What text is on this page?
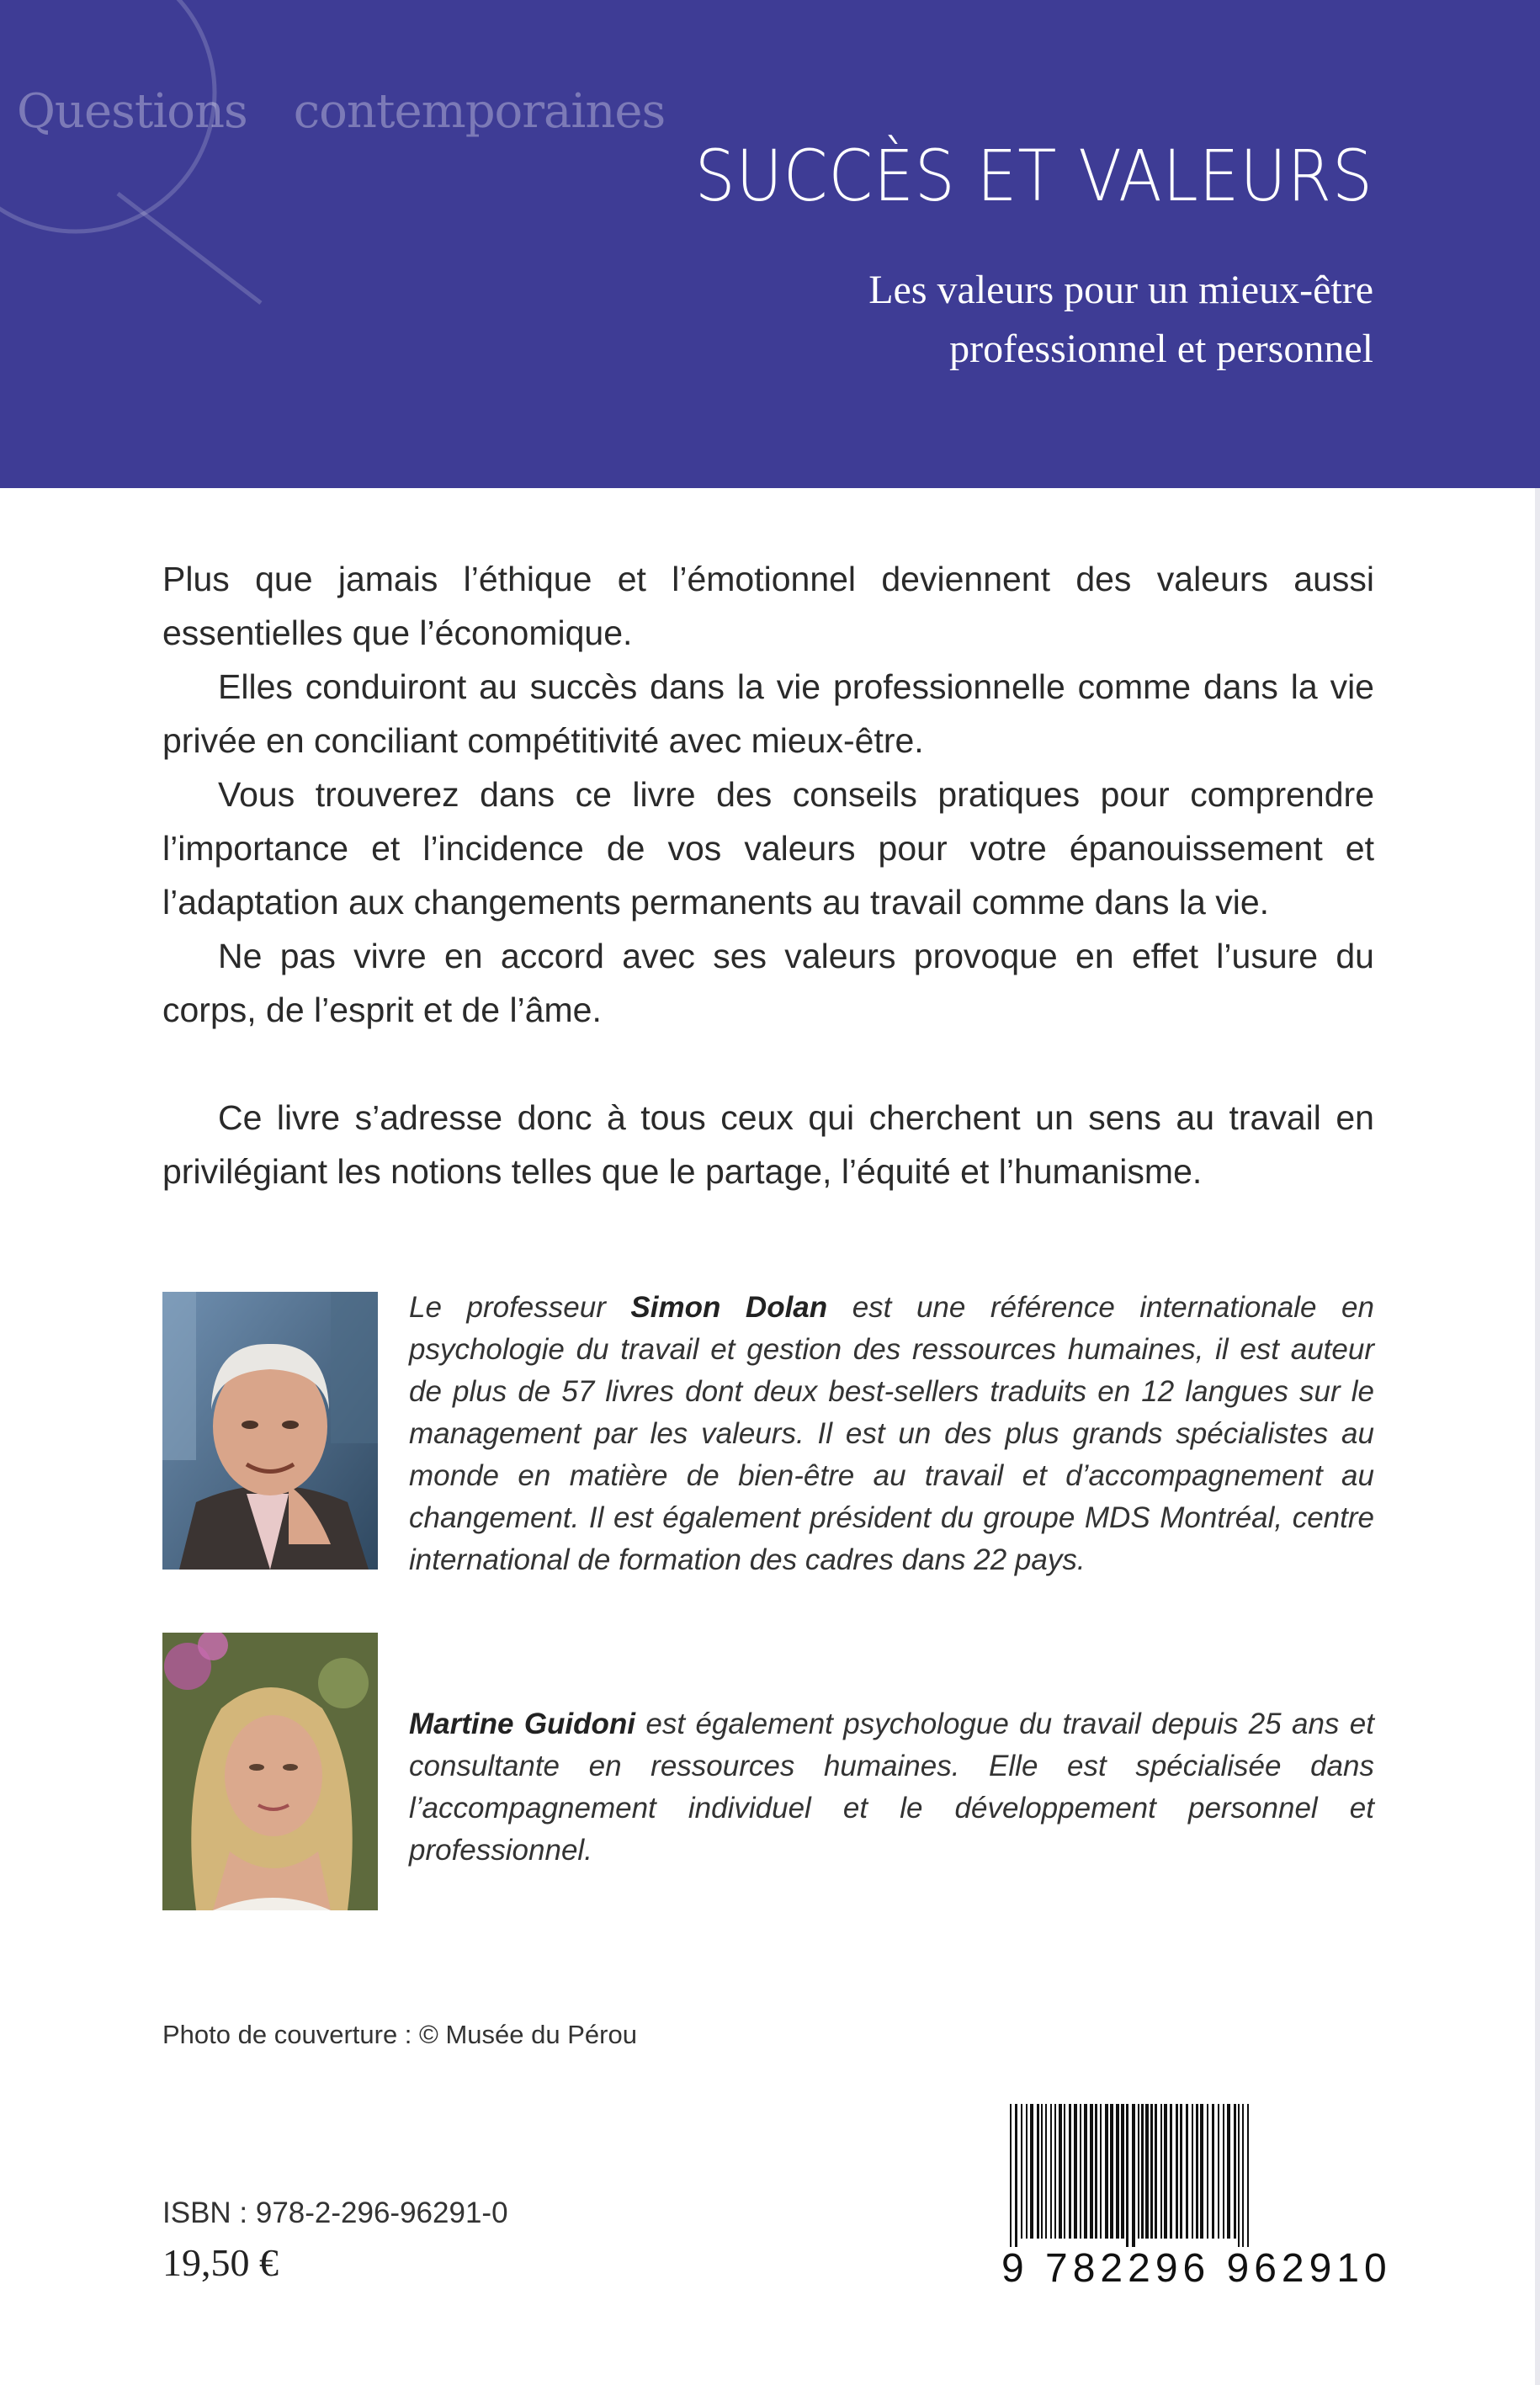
Questions contemporaines
SUCCÈS ET VALEURS
Les valeurs pour un mieux-être
professionnel et personnel

Plus que jamais l’éthique et l’émotionnel deviennent des valeurs aussi essentielles que l’économique.

Elles conduiront au succès dans la vie professionnelle comme dans la vie privée en conciliant compétitivité avec mieux-être.

Vous trouverez dans ce livre des conseils pratiques pour comprendre l’importance et l’incidence de vos valeurs pour votre épanouissement et l’adaptation aux changements permanents au travail comme dans la vie.

Ne pas vivre en accord avec ses valeurs provoque en effet l’usure du corps, de l’esprit et de l’âme.

Ce livre s’adresse donc à tous ceux qui cherchent un sens au travail en privilégiant les notions telles que le partage, l’équité et l’humanisme.

Le professeur Simon Dolan est une référence internationale en psychologie du travail et gestion des ressources humaines, il est auteur de plus de 57 livres dont deux best-sellers traduits en 12 langues sur le management par les valeurs. Il est un des plus grands spécialistes au monde en matière de bien-être au travail et d’accompagnement au changement. Il est également président du groupe MDS Montréal, centre international de formation des cadres dans 22 pays.

Martine Guidoni est également psychologue du travail depuis 25 ans et consultante en ressources humaines. Elle est spécialisée dans l’accompagnement individuel et le développement personnel et professionnel.

Photo de couverture : © Musée du Pérou
ISBN : 978-2-296-96291-0
19,50 €	9 782296 962910
